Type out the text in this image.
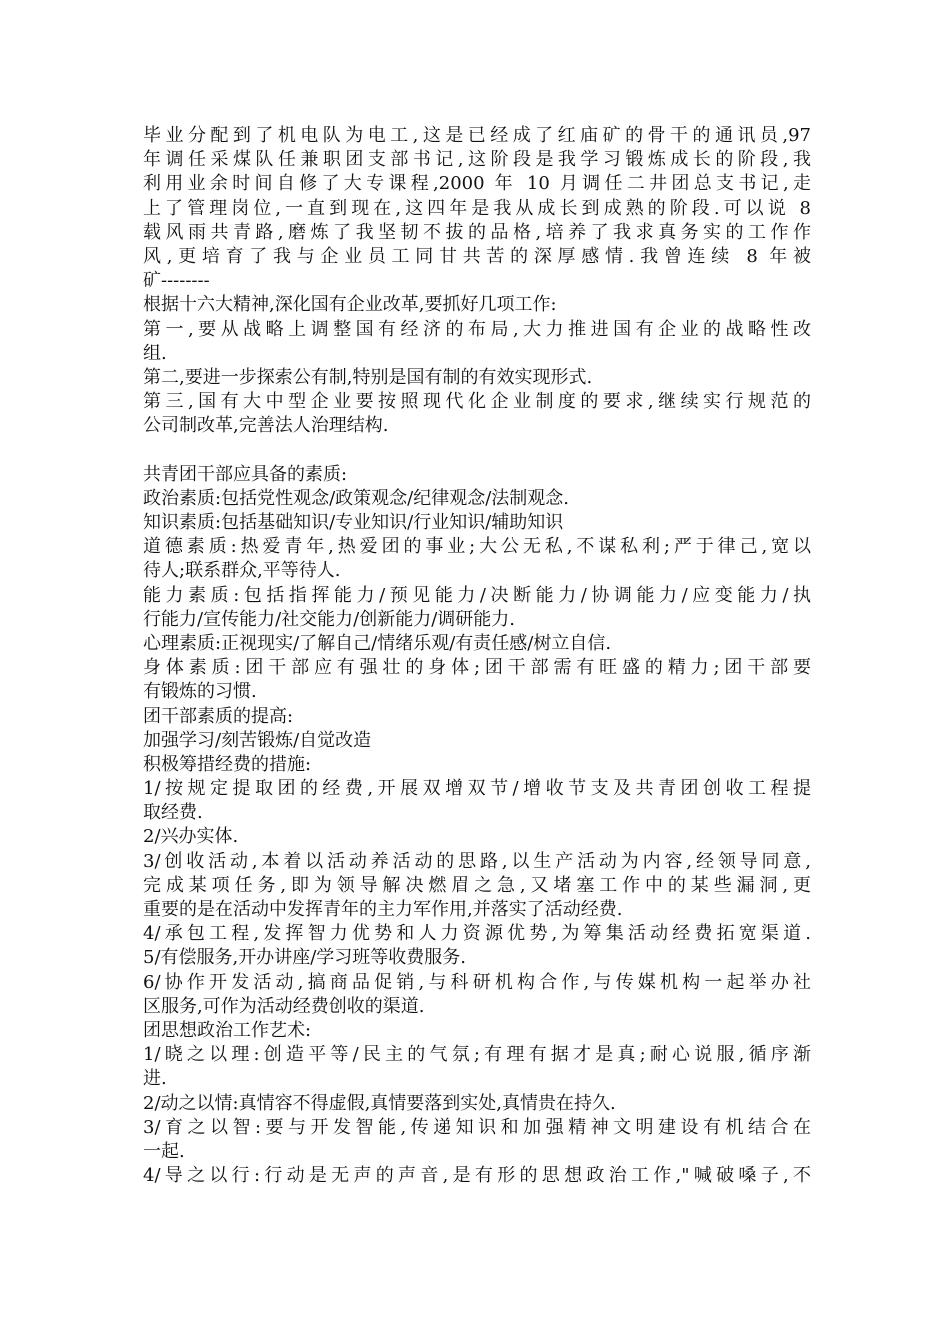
毕业分配到了机电队为电工,这是已经成了红庙矿的骨干的通讯员,97
年调任采煤队任兼职团支部书记,这阶段是我学习锻炼成长的阶段,我
利用业余时间自修了大专课程,2000 年 10 月调任二井团总支书记,走
上了管理岗位,一直到现在,这四年是我从成长到成熟的阶段.可以说 8
载风雨共青路,磨炼了我坚韧不拔的品格,培养了我求真务实的工作作
风,更培育了我与企业员工同甘共苦的深厚感情.我曾连续 8 年被
矿--------
根据十六大精神,深化国有企业改革,要抓好几项工作:
第一,要从战略上调整国有经济的布局,大力推进国有企业的战略性改
组.
第二,要进一步探索公有制,特别是国有制的有效实现形式.
第三,国有大中型企业要按照现代化企业制度的要求,继续实行规范的
公司制改革,完善法人治理结构.
共青团干部应具备的素质:
政治素质:包括党性观念/政策观念/纪律观念/法制观念.
知识素质:包括基础知识/专业知识/行业知识/辅助知识
道德素质:热爱青年,热爱团的事业;大公无私,不谋私利;严于律己,宽以
待人;联系群众,平等待人.
能力素质:包括指挥能力/预见能力/决断能力/协调能力/应变能力/执
行能力/宣传能力/社交能力/创新能力/调研能力.
心理素质:正视现实/了解自己/情绪乐观/有责任感/树立自信.
身体素质:团干部应有强壮的身体;团干部需有旺盛的精力;团干部要
有锻炼的习惯.
团干部素质的提高:
加强学习/刻苦锻炼/自觉改造
积极筹措经费的措施:
1/按规定提取团的经费,开展双增双节/增收节支及共青团创收工程提
取经费.
2/兴办实体.
3/创收活动,本着以活动养活动的思路,以生产活动为内容,经领导同意,
完成某项任务,即为领导解决燃眉之急,又堵塞工作中的某些漏洞,更
重要的是在活动中发挥青年的主力军作用,并落实了活动经费.
4/承包工程,发挥智力优势和人力资源优势,为筹集活动经费拓宽渠道.
5/有偿服务,开办讲座/学习班等收费服务.
6/协作开发活动,搞商品促销,与科研机构合作,与传媒机构一起举办社
区服务,可作为活动经费创收的渠道.
团思想政治工作艺术:
1/晓之以理:创造平等/民主的气氛;有理有据才是真;耐心说服,循序渐
进.
2/动之以情:真情容不得虚假,真情要落到实处,真情贵在持久.
3/育之以智:要与开发智能,传递知识和加强精神文明建设有机结合在
一起.
4/导之以行:行动是无声的声音,是有形的思想政治工作,"喊破嗓子,不
